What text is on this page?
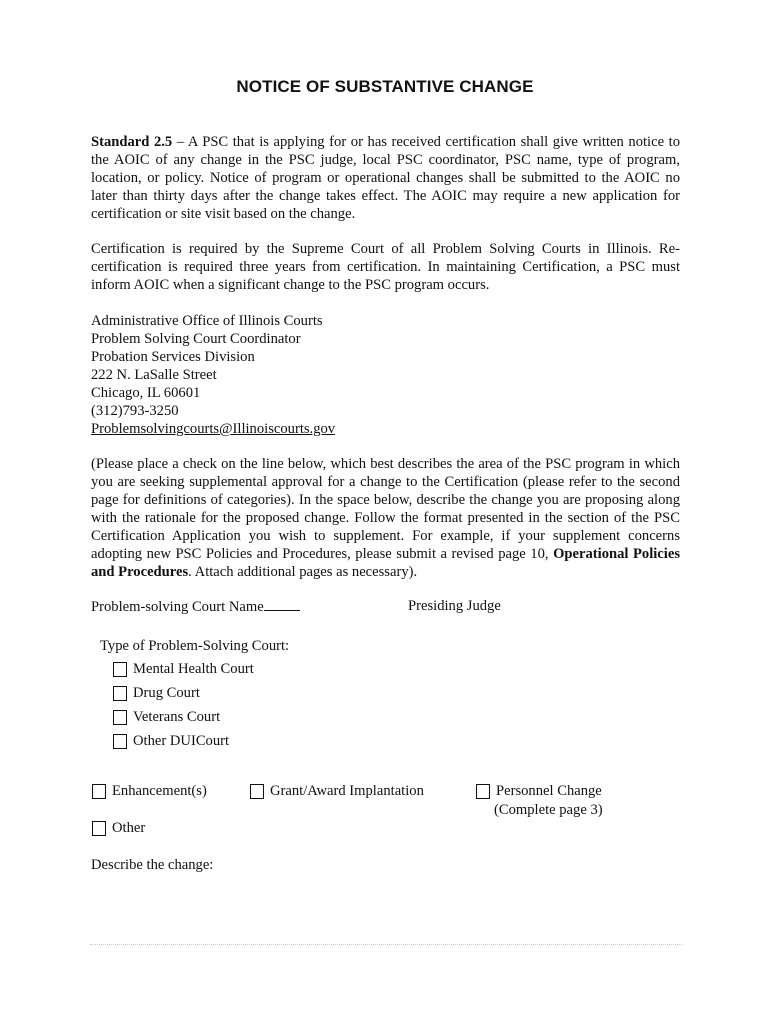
NOTICE OF SUBSTANTIVE CHANGE

Standard 2.5 – A PSC that is applying for or has received certification shall give written notice to the AOIC of any change in the PSC judge, local PSC coordinator, PSC name, type of program, location, or policy. Notice of program or operational changes shall be submitted to the AOIC no later than thirty days after the change takes effect. The AOIC may require a new application for certification or site visit based on the change.

Certification is required by the Supreme Court of all Problem Solving Courts in Illinois. Re-certification is required three years from certification. In maintaining Certification, a PSC must inform AOIC when a significant change to the PSC program occurs.

Administrative Office of Illinois Courts
Problem Solving Court Coordinator
Probation Services Division
222 N. LaSalle Street
Chicago, IL 60601
(312)793-3250
Problemsolvingcourts@Illinoiscourts.gov

(Please place a check on the line below, which best describes the area of the PSC program in which you are seeking supplemental approval for a change to the Certification (please refer to the second page for definitions of categories). In the space below, describe the change you are proposing along with the rationale for the proposed change. Follow the format presented in the section of the PSC Certification Application you wish to supplement. For example, if your supplement concerns adopting new PSC Policies and Procedures, please submit a revised page 10, Operational Policies and Procedures. Attach additional pages as necessary).

Problem-solving Court Name	Presiding Judge
Type of Problem-Solving Court:
Mental Health Court
Drug Court
Veterans Court
Other DUICourt
Enhancement(s)	Grant/Award Implantation	Personnel Change
(Complete page 3)
Other
Describe the change:
